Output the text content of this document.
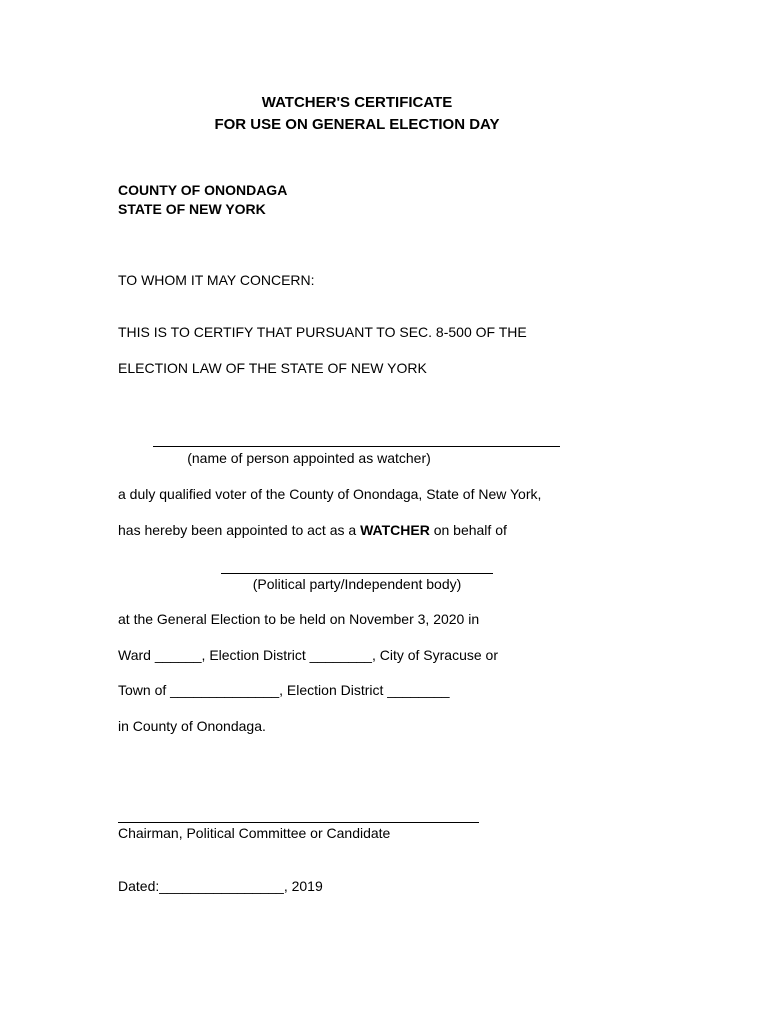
WATCHER'S CERTIFICATE
FOR USE ON GENERAL ELECTION DAY
COUNTY OF ONONDAGA
STATE OF NEW YORK
TO WHOM IT MAY CONCERN:
THIS IS TO CERTIFY THAT PURSUANT TO SEC. 8-500 OF THE
ELECTION LAW OF THE STATE OF NEW YORK
(name of person appointed as watcher)
a duly qualified voter of the County of Onondaga, State of New York,
has hereby been appointed to act as a WATCHER on behalf of
(Political party/Independent body)
at the General Election to be held on November 3, 2020 in
Ward ______, Election District ________, City of Syracuse or
Town of ______________, Election District ________
in County of Onondaga.
Chairman, Political Committee or Candidate
Dated:________________, 2019
